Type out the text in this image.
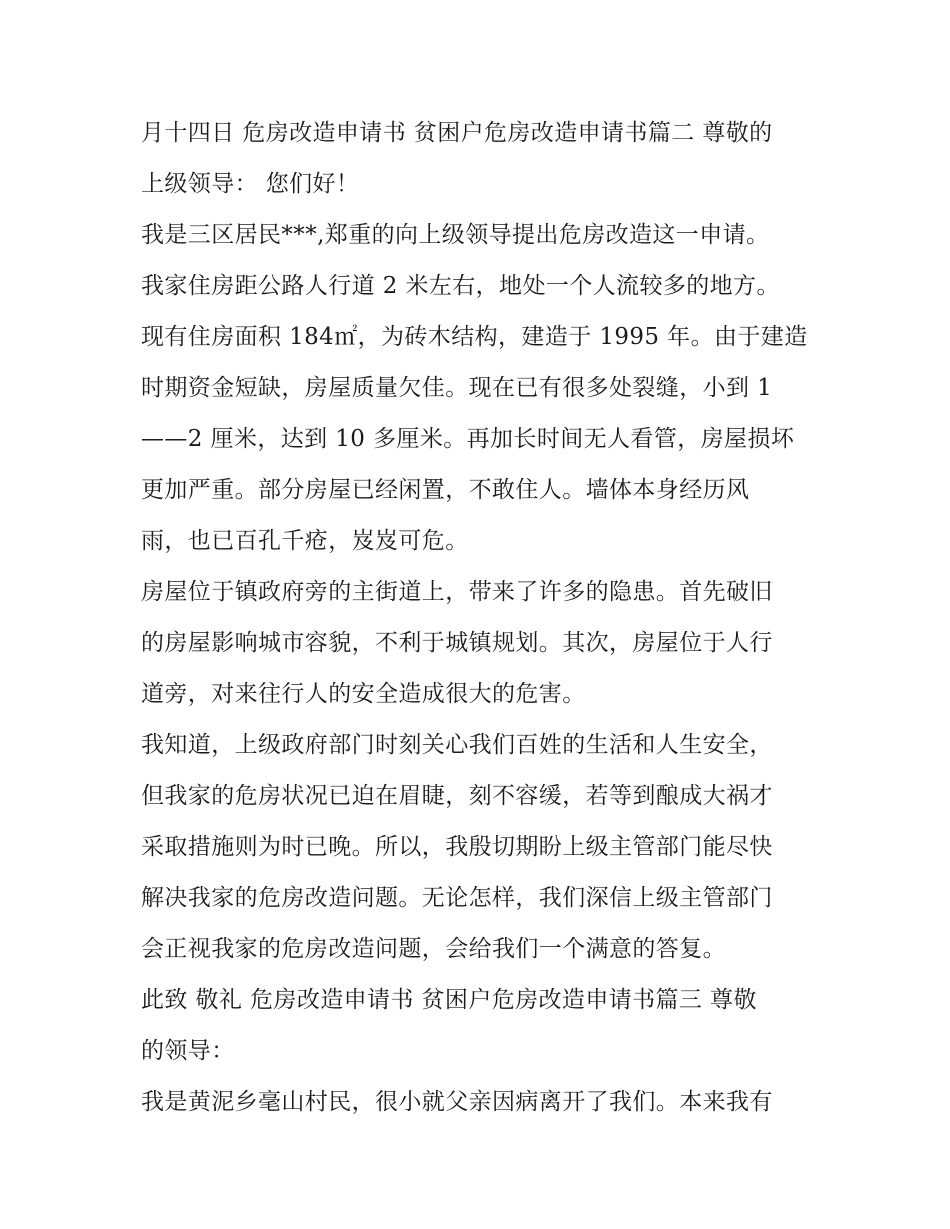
月十四日 危房改造申请书 贫困户危房改造申请书篇二 尊敬的
上级领导： 您们好！
我是三区居民***,郑重的向上级领导提出危房改造这一申请。
我家住房距公路人行道 2 米左右，地处一个人流较多的地方。
现有住房面积 184㎡，为砖木结构，建造于 1995 年。由于建造
时期资金短缺，房屋质量欠佳。现在已有很多处裂缝，小到 1
——2 厘米，达到 10 多厘米。再加长时间无人看管，房屋损坏
更加严重。部分房屋已经闲置，不敢住人。墙体本身经历风
雨，也已百孔千疮，岌岌可危。
房屋位于镇政府旁的主街道上，带来了许多的隐患。首先破旧
的房屋影响城市容貌，不利于城镇规划。其次，房屋位于人行
道旁，对来往行人的安全造成很大的危害。
我知道，上级政府部门时刻关心我们百姓的生活和人生安全，
但我家的危房状况已迫在眉睫，刻不容缓，若等到酿成大祸才
采取措施则为时已晚。所以，我殷切期盼上级主管部门能尽快
解决我家的危房改造问题。无论怎样，我们深信上级主管部门
会正视我家的危房改造问题，会给我们一个满意的答复。
此致 敬礼 危房改造申请书 贫困户危房改造申请书篇三 尊敬
的领导：
我是黄泥乡毫山村民，很小就父亲因病离开了我们。本来我有
